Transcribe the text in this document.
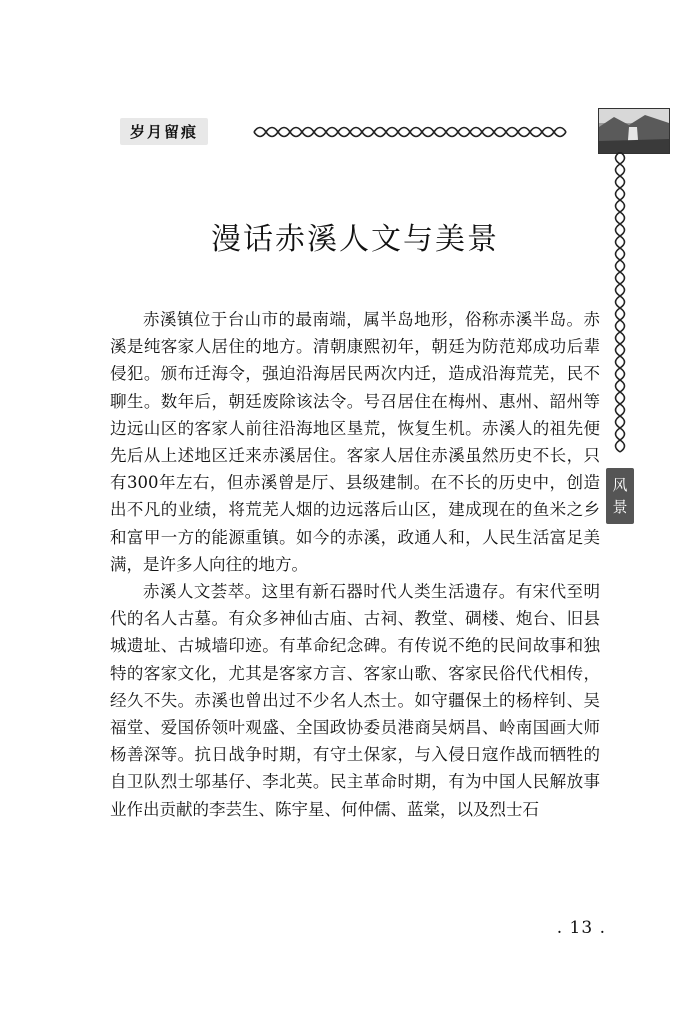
岁月留痕
风
景
漫话赤溪人文与美景

赤溪镇位于台山市的最南端，属半岛地形，俗称赤溪半岛。赤溪是纯客家人居住的地方。清朝康熙初年，朝廷为防范郑成功后辈侵犯。颁布迁海令，强迫沿海居民两次内迁，造成沿海荒芜，民不聊生。数年后，朝廷废除该法令。号召居住在梅州、惠州、韶州等边远山区的客家人前往沿海地区垦荒，恢复生机。赤溪人的祖先便先后从上述地区迁来赤溪居住。客家人居住赤溪虽然历史不长，只有300年左右，但赤溪曾是厅、县级建制。在不长的历史中，创造出不凡的业绩，将荒芜人烟的边远落后山区，建成现在的鱼米之乡和富甲一方的能源重镇。如今的赤溪，政通人和，人民生活富足美满，是许多人向往的地方。

赤溪人文荟萃。这里有新石器时代人类生活遗存。有宋代至明代的名人古墓。有众多神仙古庙、古祠、教堂、碉楼、炮台、旧县城遗址、古城墙印迹。有革命纪念碑。有传说不绝的民间故事和独特的客家文化，尤其是客家方言、客家山歌、客家民俗代代相传，经久不失。赤溪也曾出过不少名人杰士。如守疆保土的杨梓钊、吴福堂、爱国侨领叶观盛、全国政协委员港商吴炳昌、岭南国画大师杨善深等。抗日战争时期，有守土保家，与入侵日寇作战而牺牲的自卫队烈士邬基仔、李北英。民主革命时期，有为中国人民解放事业作出贡献的李芸生、陈宇星、何仲儒、蓝棠，以及烈士石

. 13 .
